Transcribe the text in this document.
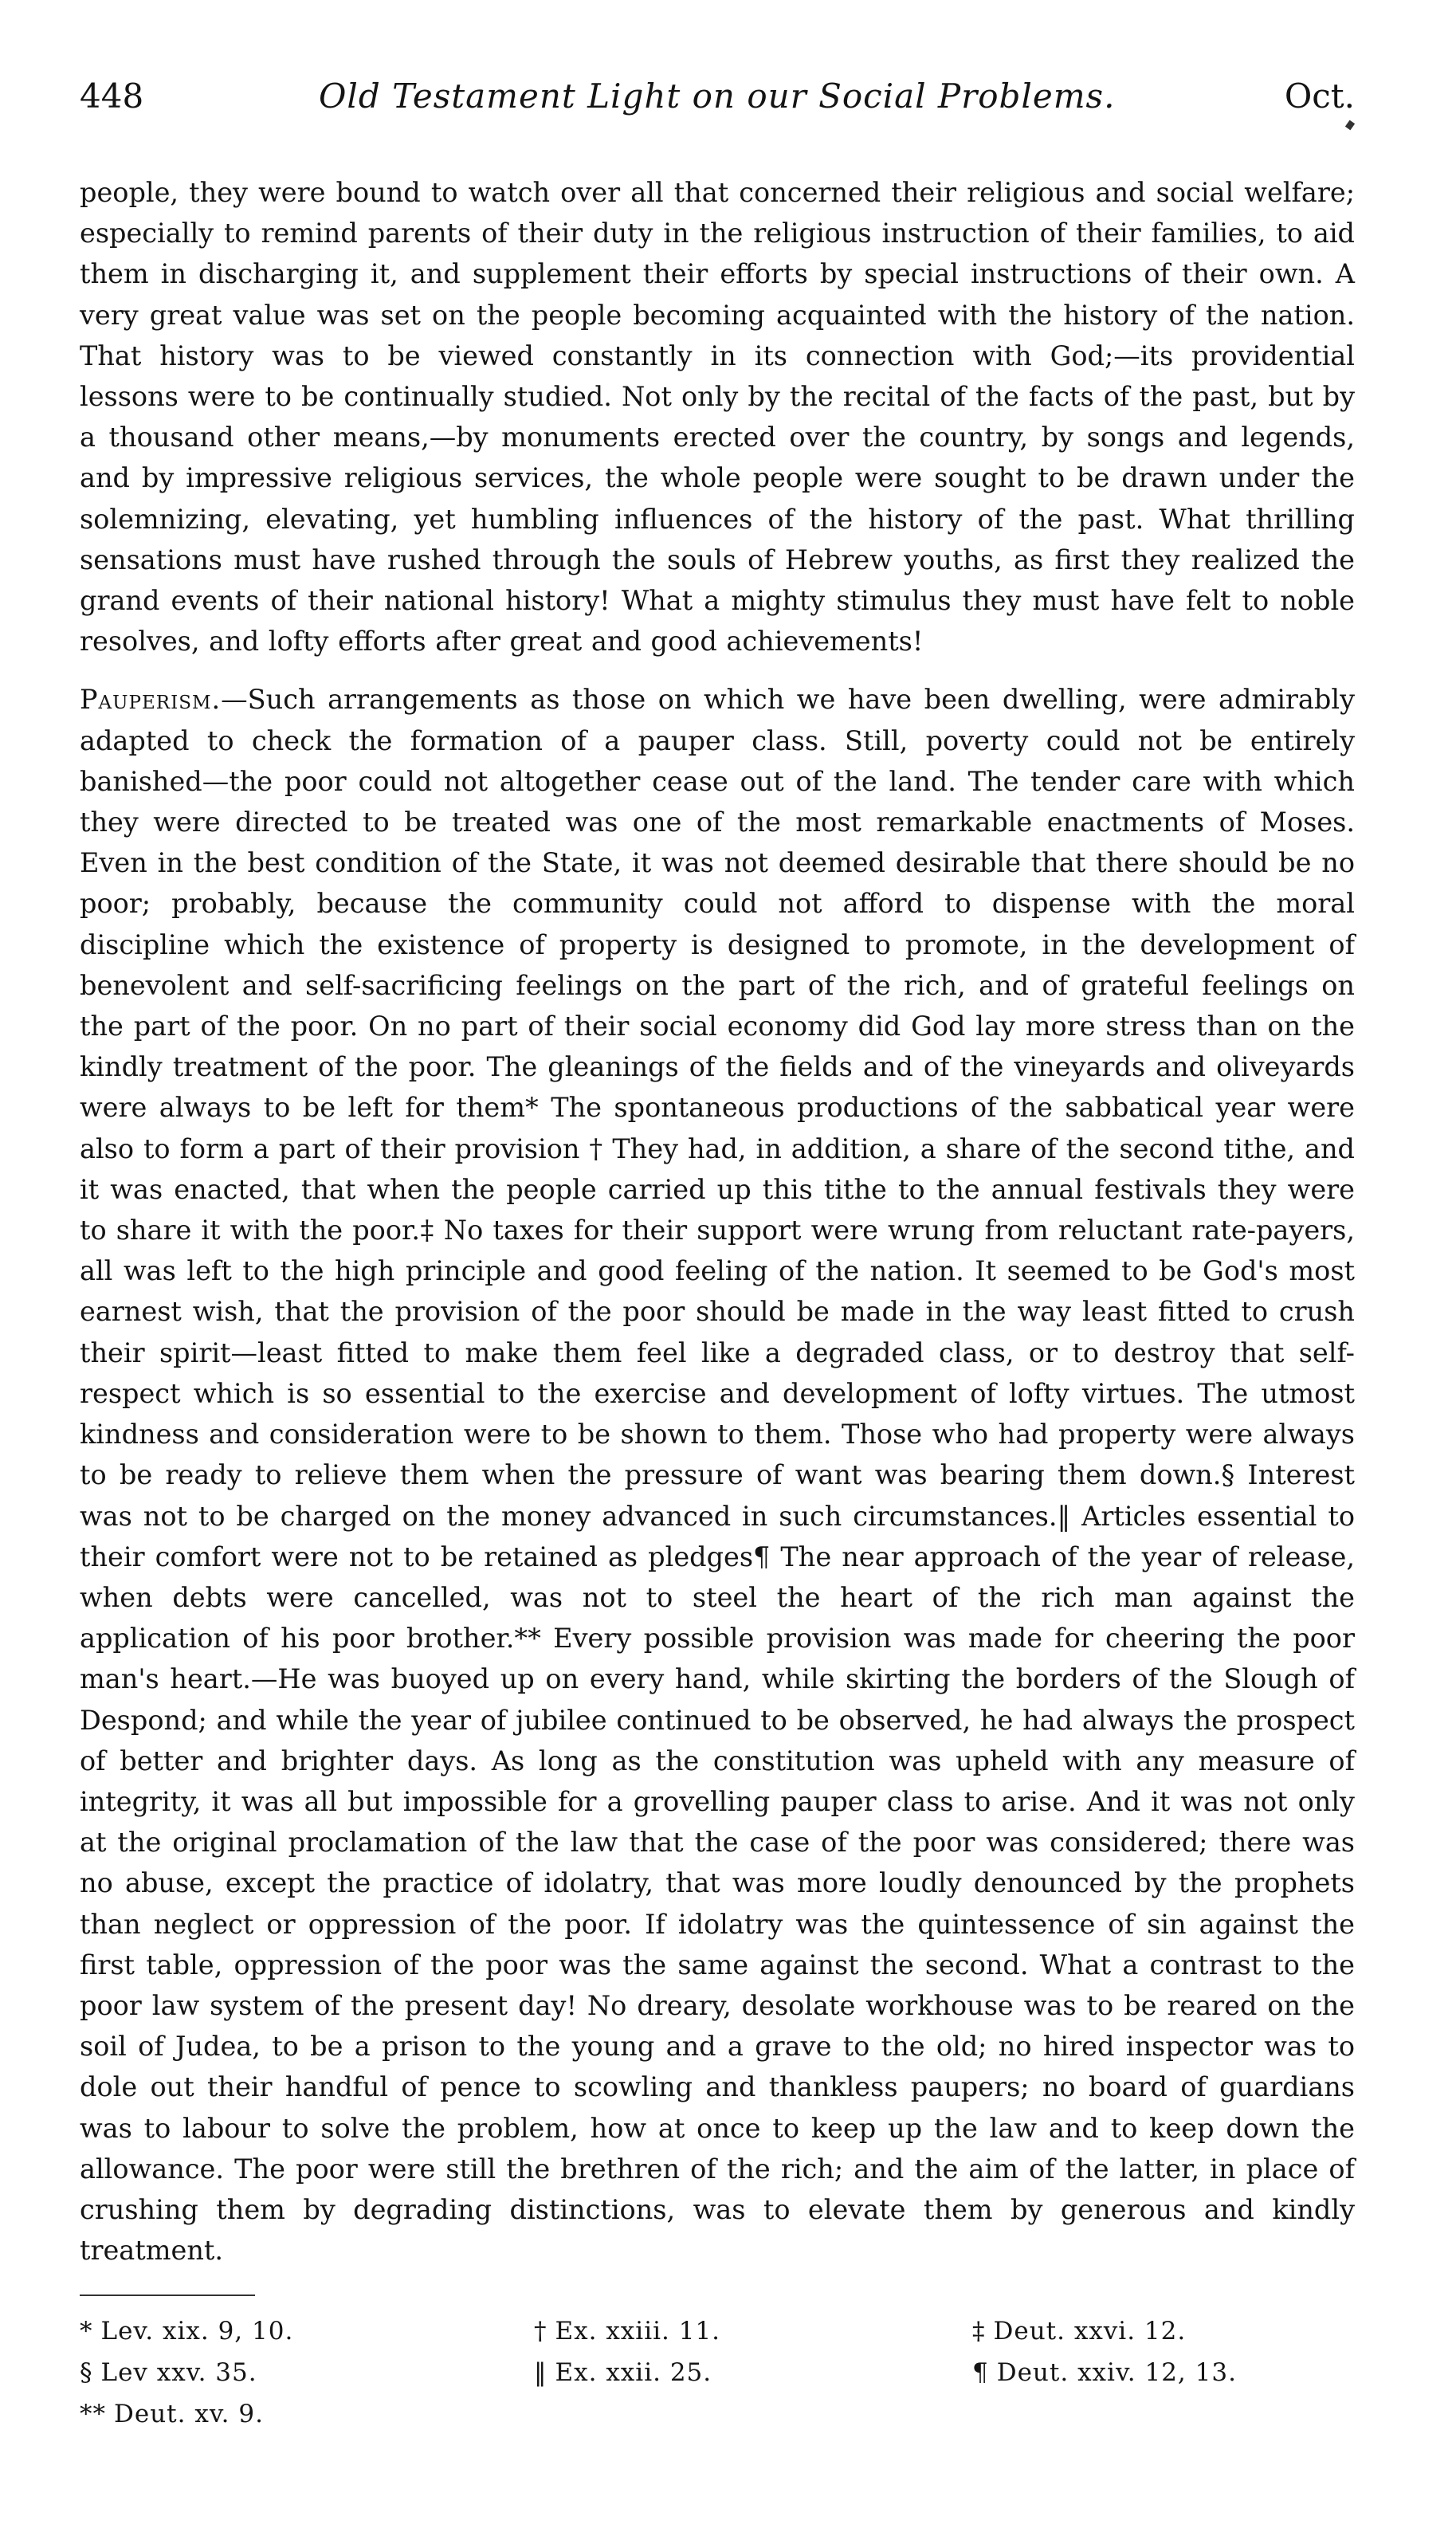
448	Old Testament Light on our Social Problems.	Oct.

people, they were bound to watch over all that concerned their religious and social welfare; especially to remind parents of their duty in the religious instruction of their families, to aid them in discharging it, and supplement their efforts by special instructions of their own. A very great value was set on the people becoming acquainted with the history of the nation. That history was to be viewed constantly in its connection with God;—its providential lessons were to be continually studied. Not only by the recital of the facts of the past, but by a thousand other means,—by monuments erected over the country, by songs and legends, and by impressive religious services, the whole people were sought to be drawn under the solemnizing, elevating, yet humbling influences of the history of the past. What thrilling sensations must have rushed through the souls of Hebrew youths, as first they realized the grand events of their national history! What a mighty stimulus they must have felt to noble resolves, and lofty efforts after great and good achievements!

Pauperism.—Such arrangements as those on which we have been dwelling, were admirably adapted to check the formation of a pauper class. Still, poverty could not be entirely banished—the poor could not altogether cease out of the land. The tender care with which they were directed to be treated was one of the most remarkable enactments of Moses. Even in the best condition of the State, it was not deemed desirable that there should be no poor; probably, because the community could not afford to dispense with the moral discipline which the existence of property is designed to promote, in the development of benevolent and self-sacrificing feelings on the part of the rich, and of grateful feelings on the part of the poor. On no part of their social economy did God lay more stress than on the kindly treatment of the poor. The gleanings of the fields and of the vineyards and oliveyards were always to be left for them* The spontaneous productions of the sabbatical year were also to form a part of their provision † They had, in addition, a share of the second tithe, and it was enacted, that when the people carried up this tithe to the annual festivals they were to share it with the poor.‡ No taxes for their support were wrung from reluctant rate-payers, all was left to the high principle and good feeling of the nation. It seemed to be God's most earnest wish, that the provision of the poor should be made in the way least fitted to crush their spirit—least fitted to make them feel like a degraded class, or to destroy that self-respect which is so essential to the exercise and development of lofty virtues. The utmost kindness and consideration were to be shown to them. Those who had property were always to be ready to relieve them when the pressure of want was bearing them down.§ Interest was not to be charged on the money advanced in such circumstances.‖ Articles essential to their comfort were not to be retained as pledges¶ The near approach of the year of release, when debts were cancelled, was not to steel the heart of the rich man against the application of his poor brother.** Every possible provision was made for cheering the poor man's heart.—He was buoyed up on every hand, while skirting the borders of the Slough of Despond; and while the year of jubilee continued to be observed, he had always the prospect of better and brighter days. As long as the constitution was upheld with any measure of integrity, it was all but impossible for a grovelling pauper class to arise. And it was not only at the original proclamation of the law that the case of the poor was considered; there was no abuse, except the practice of idolatry, that was more loudly denounced by the prophets than neglect or oppression of the poor. If idolatry was the quintessence of sin against the first table, oppression of the poor was the same against the second. What a contrast to the poor law system of the present day! No dreary, desolate workhouse was to be reared on the soil of Judea, to be a prison to the young and a grave to the old; no hired inspector was to dole out their handful of pence to scowling and thankless paupers; no board of guardians was to labour to solve the problem, how at once to keep up the law and to keep down the allowance. The poor were still the brethren of the rich; and the aim of the latter, in place of crushing them by degrading distinctions, was to elevate them by generous and kindly treatment.

* Lev. xix. 9, 10.	† Ex. xxiii. 11.	‡ Deut. xxvi. 12.
§ Lev xxv. 35.	‖ Ex. xxii. 25.	¶ Deut. xxiv. 12, 13.
** Deut. xv. 9.
